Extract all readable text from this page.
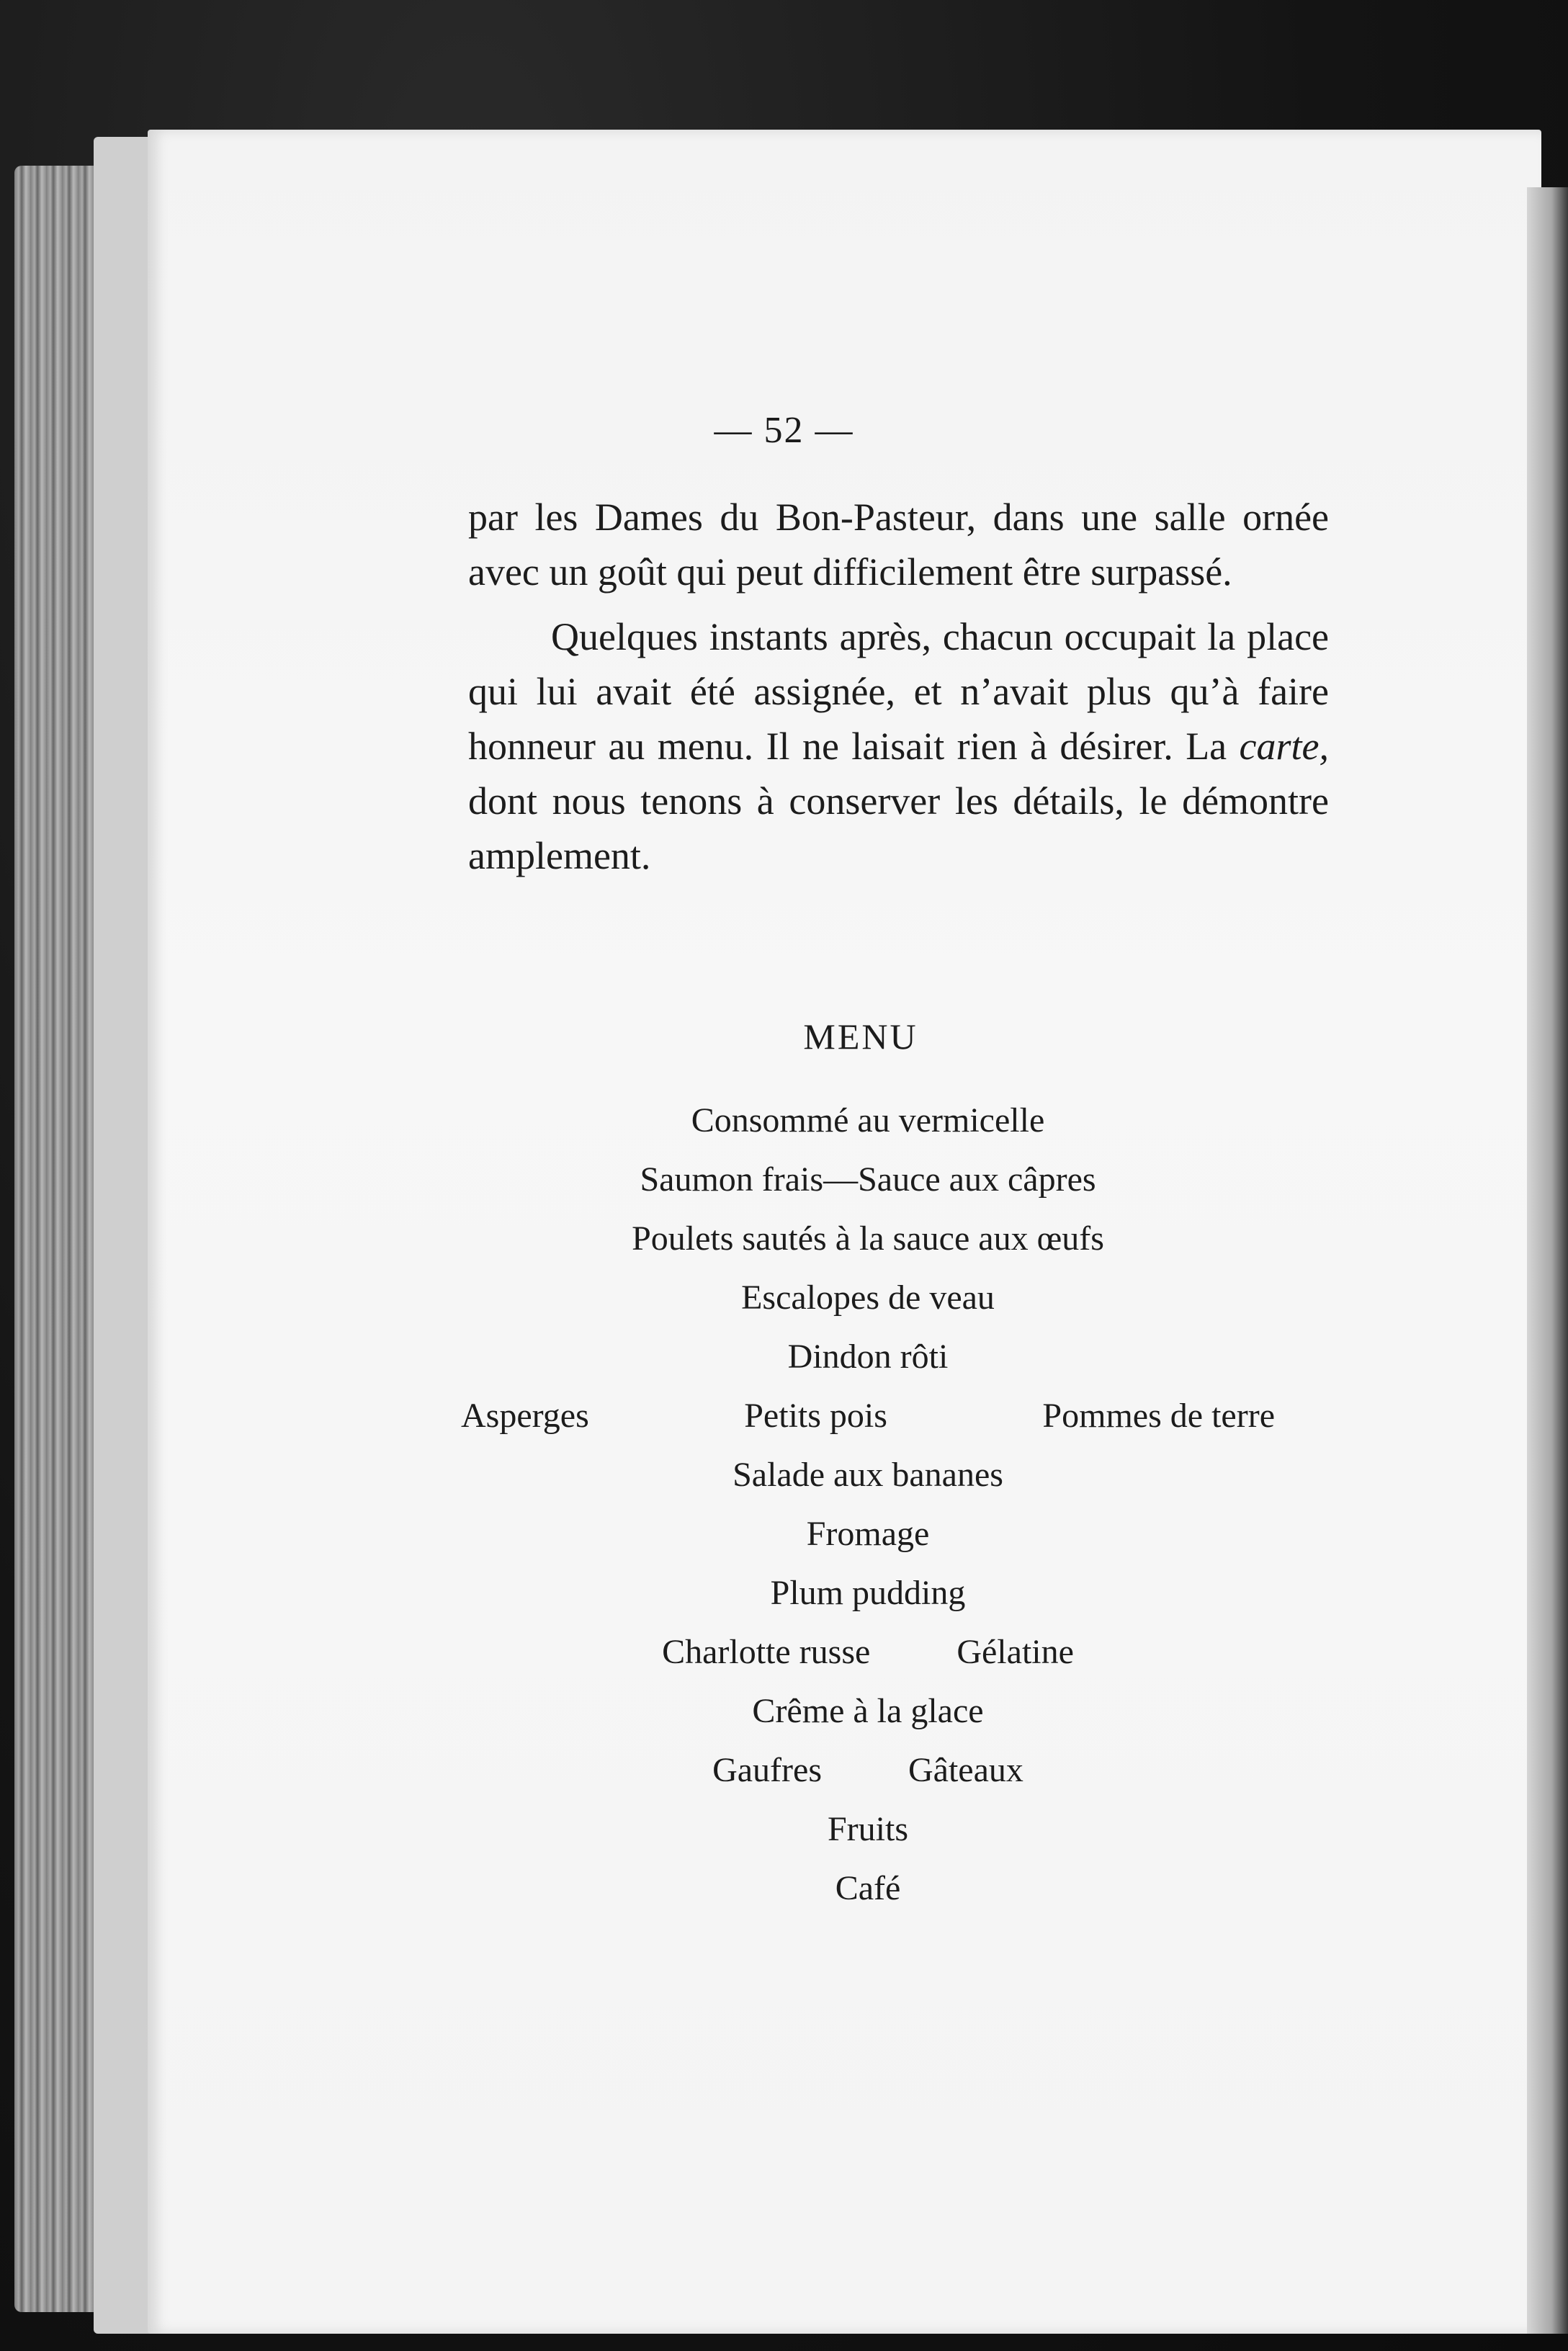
— 52 —

par les Dames du Bon-Pasteur, dans une salle ornée avec un goût qui peut difficilement être surpassé.

Quelques instants après, chacun occupait la place qui lui avait été assignée, et n’avait plus qu’à faire honneur au menu. Il ne laisait rien à désirer. La carte, dont nous tenons à conserver les détails, le démontre amplement.

MENU
Consommé au vermicelle
Saumon frais—Sauce aux câpres
Poulets sautés à la sauce aux œufs
Escalopes de veau
Dindon rôti
Asperges	Petits pois	Pommes de terre
Salade aux bananes
Fromage
Plum pudding
Charlotte russe	Gélatine
Crême à la glace
Gaufres	Gâteaux
Fruits
Café
